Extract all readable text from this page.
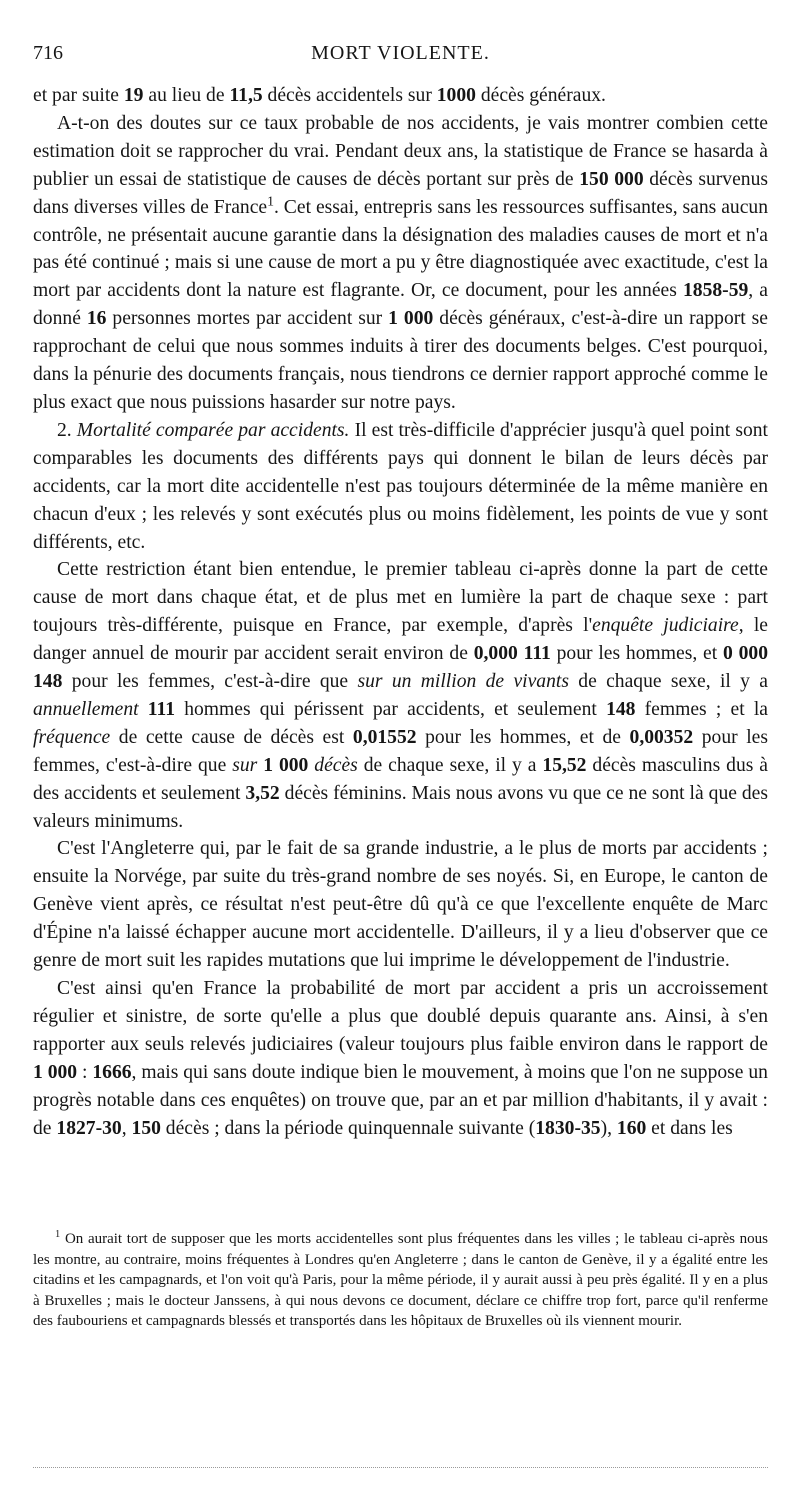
716	MORT VIOLENTE.

et par suite 19 au lieu de 11,5 décès accidentels sur 1000 décès généraux.

A-t-on des doutes sur ce taux probable de nos accidents, je vais montrer combien cette estimation doit se rapprocher du vrai. Pendant deux ans, la statistique de France se hasarda à publier un essai de statistique de causes de décès portant sur près de 150 000 décès survenus dans diverses villes de France$^1$. Cet essai, entrepris sans les ressources suffisantes, sans aucun contrôle, ne présentait aucune garantie dans la désignation des maladies causes de mort et n'a pas été continué ; mais si une cause de mort a pu y être diagnostiquée avec exactitude, c'est la mort par accidents dont la nature est flagrante. Or, ce document, pour les années 1858-59, a donné 16 personnes mortes par accident sur 1 000 décès généraux, c'est-à-dire un rapport se rapprochant de celui que nous sommes induits à tirer des documents belges. C'est pourquoi, dans la pénurie des documents français, nous tiendrons ce dernier rapport approché comme le plus exact que nous puissions hasarder sur notre pays.

2. Mortalité comparée par accidents. Il est très-difficile d'apprécier jusqu'à quel point sont comparables les documents des différents pays qui donnent le bilan de leurs décès par accidents, car la mort dite accidentelle n'est pas toujours déterminée de la même manière en chacun d'eux ; les relevés y sont exécutés plus ou moins fidèlement, les points de vue y sont différents, etc.

Cette restriction étant bien entendue, le premier tableau ci-après donne la part de cette cause de mort dans chaque état, et de plus met en lumière la part de chaque sexe : part toujours très-différente, puisque en France, par exemple, d'après l'enquête judiciaire, le danger annuel de mourir par accident serait environ de 0,000 111 pour les hommes, et 0 000 148 pour les femmes, c'est-à-dire que sur un million de vivants de chaque sexe, il y a annuellement 111 hommes qui périssent par accidents, et seulement 148 femmes ; et la fréquence de cette cause de décès est 0,01552 pour les hommes, et de 0,00352 pour les femmes, c'est-à-dire que sur 1 000 décès de chaque sexe, il y a 15,52 décès masculins dus à des accidents et seulement 3,52 décès féminins. Mais nous avons vu que ce ne sont là que des valeurs minimums.

C'est l'Angleterre qui, par le fait de sa grande industrie, a le plus de morts par accidents ; ensuite la Norvége, par suite du très-grand nombre de ses noyés. Si, en Europe, le canton de Genève vient après, ce résultat n'est peut-être dû qu'à ce que l'excellente enquête de Marc d'Épine n'a laissé échapper aucune mort accidentelle. D'ailleurs, il y a lieu d'observer que ce genre de mort suit les rapides mutations que lui imprime le développement de l'industrie.

C'est ainsi qu'en France la probabilité de mort par accident a pris un accroissement régulier et sinistre, de sorte qu'elle a plus que doublé depuis quarante ans. Ainsi, à s'en rapporter aux seuls relevés judiciaires (valeur toujours plus faible environ dans le rapport de 1 000 : 1666, mais qui sans doute indique bien le mouvement, à moins que l'on ne suppose un progrès notable dans ces enquêtes) on trouve que, par an et par million d'habitants, il y avait : de 1827-30, 150 décès ; dans la période quinquennale suivante (1830-35), 160 et dans les

$^1$ On aurait tort de supposer que les morts accidentelles sont plus fréquentes dans les villes ; le tableau ci-après nous les montre, au contraire, moins fréquentes à Londres qu'en Angleterre ; dans le canton de Genève, il y a égalité entre les citadins et les campagnards, et l'on voit qu'à Paris, pour la même période, il y aurait aussi à peu près égalité. Il y en a plus à Bruxelles ; mais le docteur Janssens, à qui nous devons ce document, déclare ce chiffre trop fort, parce qu'il renferme des faubouriens et campagnards blessés et transportés dans les hôpitaux de Bruxelles où ils viennent mourir.
